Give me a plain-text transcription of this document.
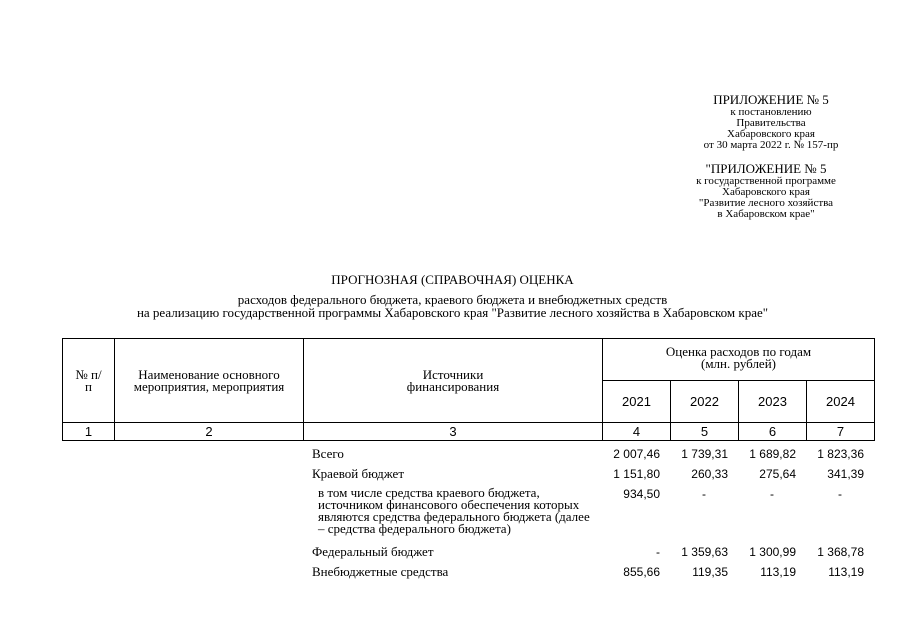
ПРИЛОЖЕНИЕ № 5
к постановлению
Правительства
Хабаровского края
от 30 марта 2022 г. № 157-пр
"ПРИЛОЖЕНИЕ № 5
к государственной программе
Хабаровского края
"Развитие лесного хозяйства
в Хабаровском крае"
ПРОГНОЗНАЯ (СПРАВОЧНАЯ) ОЦЕНКА
расходов федерального бюджета, краевого бюджета и внебюджетных средств
на реализацию государственной программы Хабаровского края "Развитие лесного хозяйства в Хабаровском крае"
№ п/п	Наименование основного мероприятия, мероприятия	Источники финансирования	Оценка расходов по годам (млн. рублей)			
			2021	2022	2023	2024
1	2	3	4	5	6	7
Всего	2 007,46	1 739,31	1 689,82	1 823,36
Краевой бюджет	1 151,80	260,33	275,64	341,39
в том числе средства краевого бюджета, источником финансового обеспечения которых являются средства федерального бюджета (далее – средства федерального бюджета)	934,50	-	-	-
Федеральный бюджет	-	1 359,63	1 300,99	1 368,78
Внебюджетные средства	855,66	119,35	113,19	113,19
